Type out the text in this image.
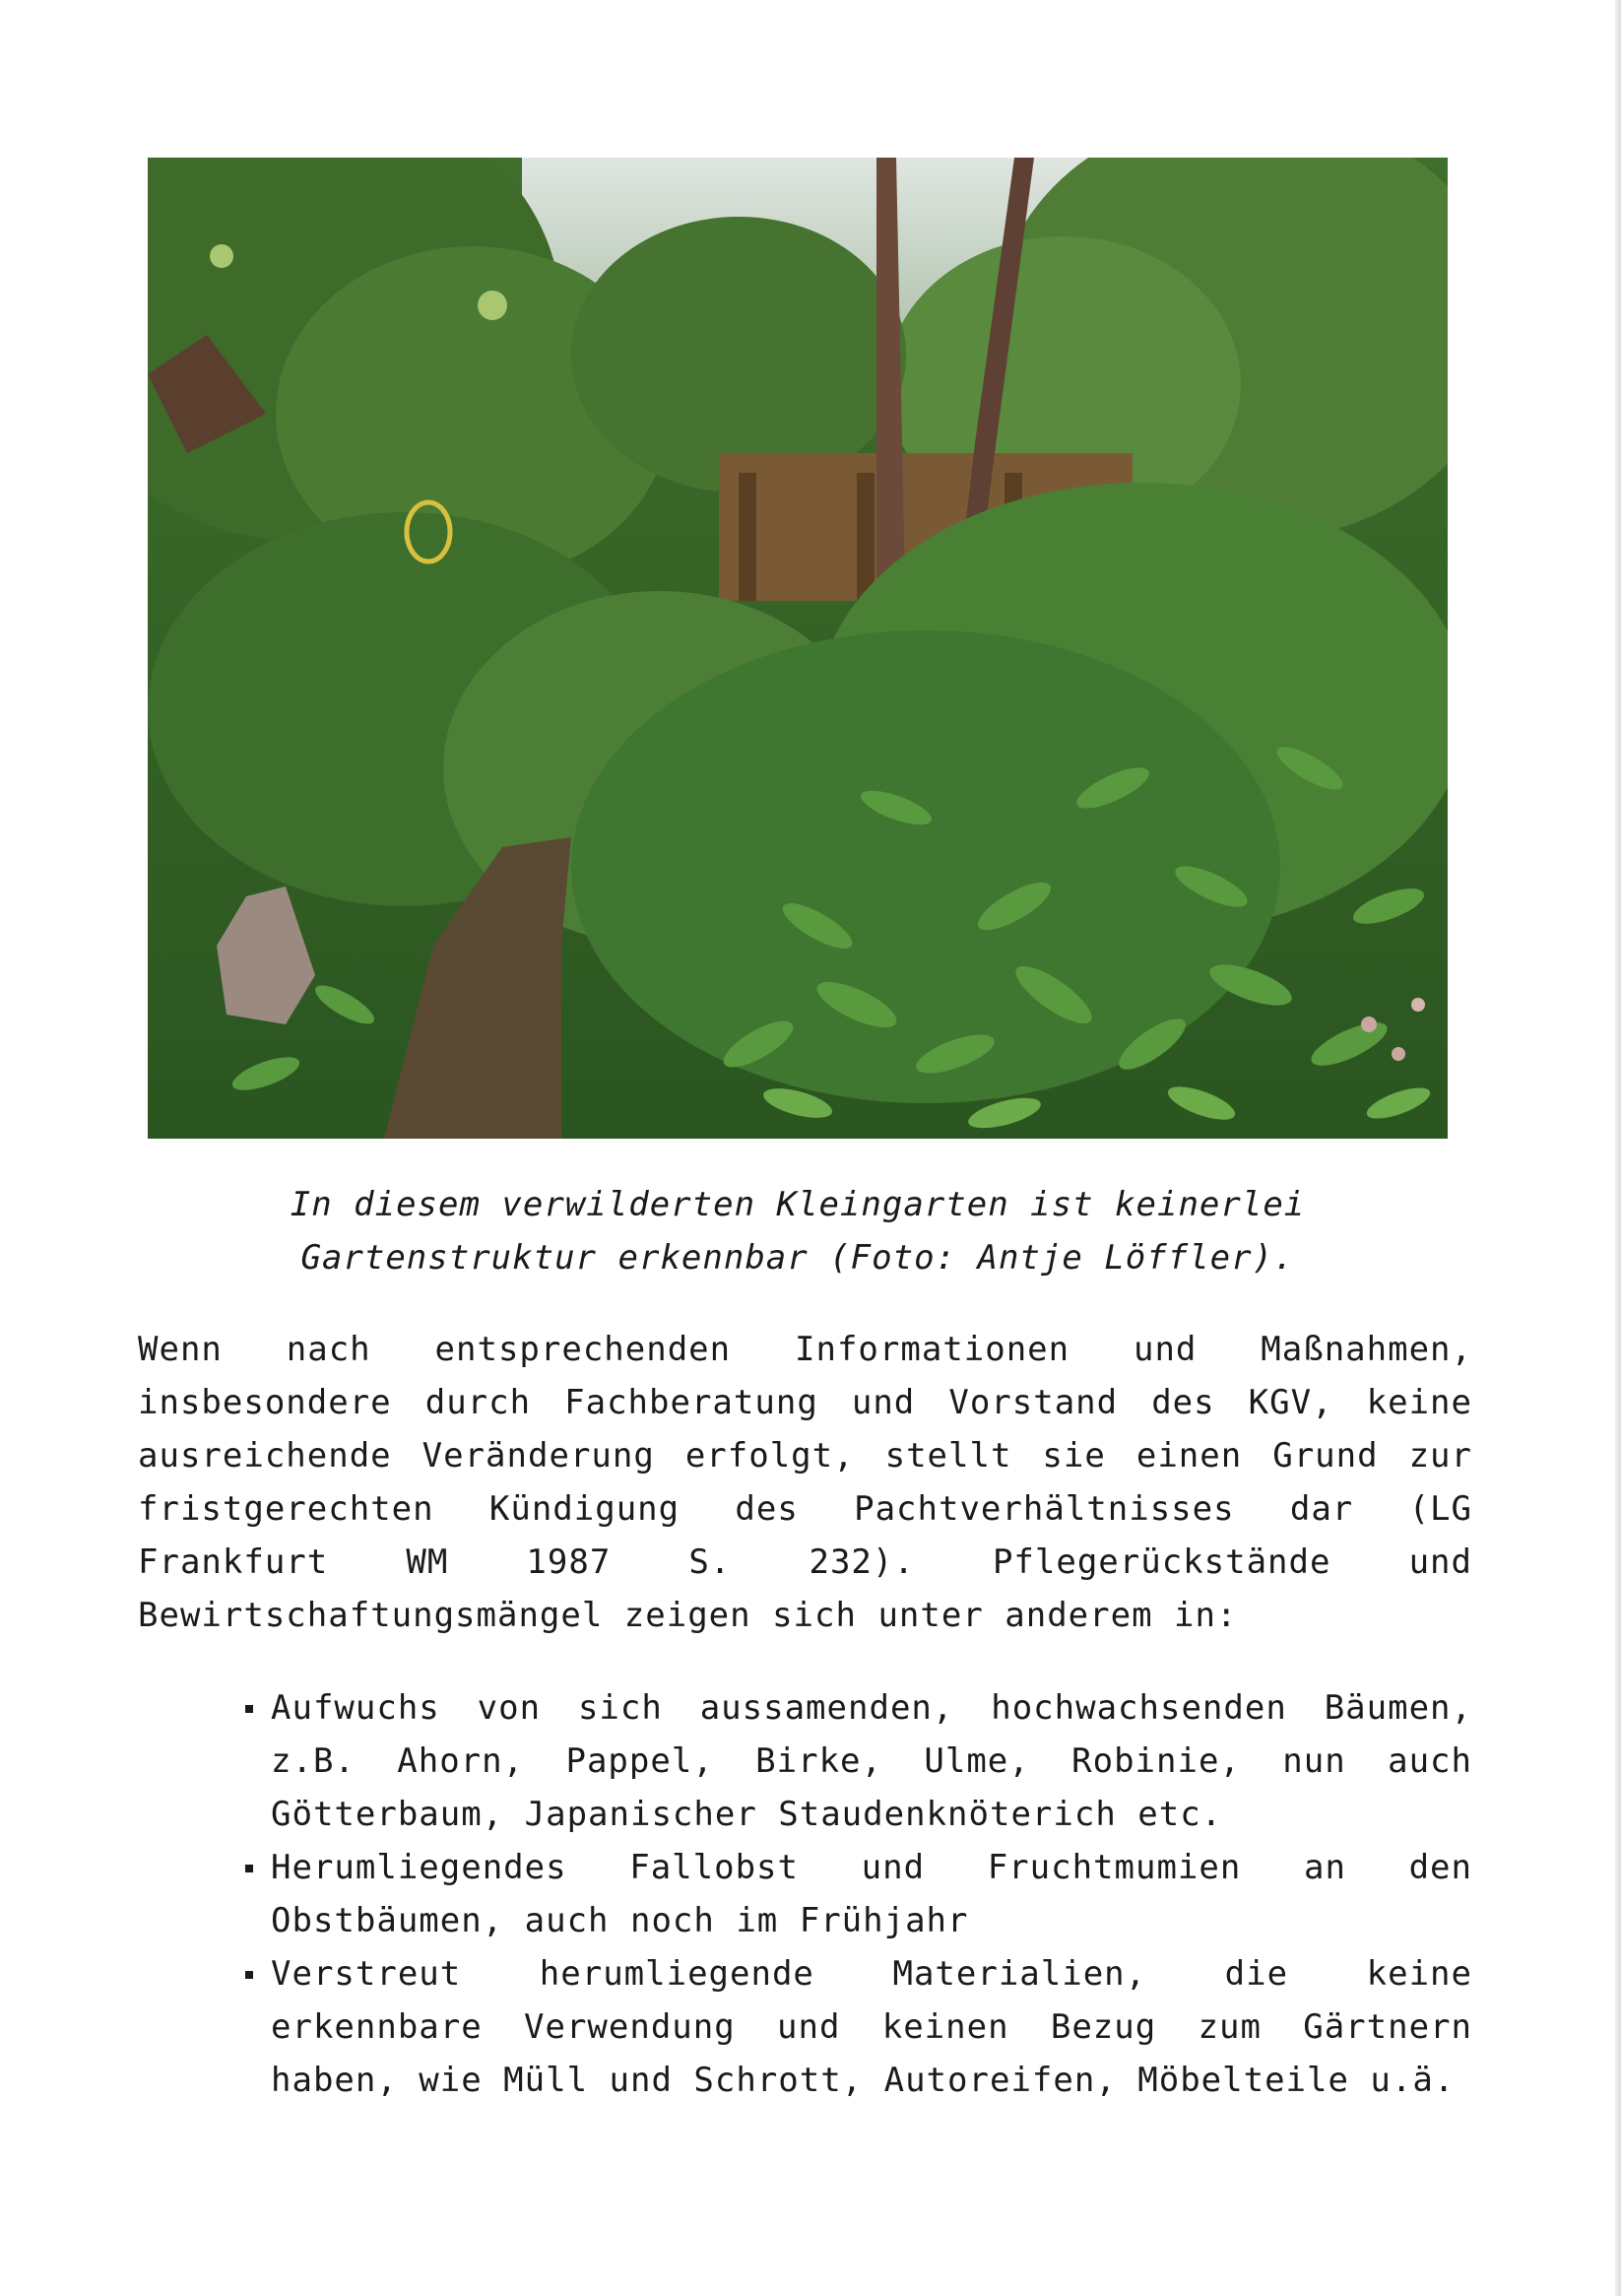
In diesem verwilderten Kleingarten ist keinerlei
Gartenstruktur erkennbar (Foto: Antje Löffler).
Wenn nach entsprechenden Informationen und Maßnahmen,
insbesondere durch Fachberatung und Vorstand des KGV, keine
ausreichende Veränderung erfolgt, stellt sie einen Grund zur
fristgerechten Kündigung des Pachtverhältnisses dar (LG
Frankfurt WM 1987 S. 232). Pflegerückstände und
Bewirtschaftungsmängel zeigen sich unter anderem in:
Aufwuchs von sich aussamenden, hochwachsenden Bäumen,
z.B. Ahorn, Pappel, Birke, Ulme, Robinie, nun auch
Götterbaum, Japanischer Staudenknöterich etc.
Herumliegendes Fallobst und Fruchtmumien an den
Obstbäumen, auch noch im Frühjahr
Verstreut herumliegende Materialien, die keine
erkennbare Verwendung und keinen Bezug zum Gärtnern
haben, wie Müll und Schrott, Autoreifen, Möbelteile u.ä.
